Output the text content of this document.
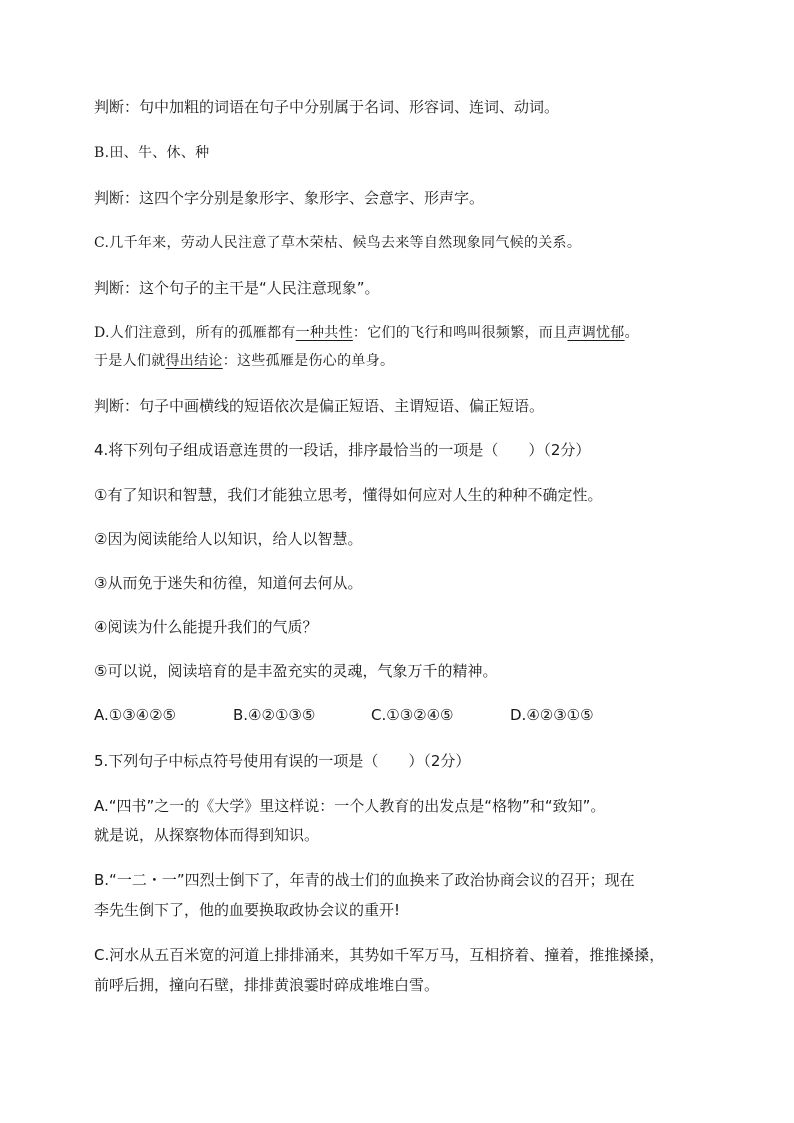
判断：句中加粗的词语在句子中分别属于名词、形容词、连词、动词。
B.田、牛、休、种
判断：这四个字分别是象形字、象形字、会意字、形声字。
C.几千年来，劳动人民注意了草木荣枯、候鸟去来等自然现象同气候的关系。
判断：这个句子的主干是“人民注意现象”。
D.人们注意到，所有的孤雁都有一种共性：它们的飞行和鸣叫很频繁，而且声调忧郁。
于是人们就得出结论：这些孤雁是伤心的单身。
判断：句子中画横线的短语依次是偏正短语、主谓短语、偏正短语。
4.将下列句子组成语意连贯的一段话，排序最恰当的一项是（　　）（2分）
①有了知识和智慧，我们才能独立思考，懂得如何应对人生的种种不确定性。
②因为阅读能给人以知识，给人以智慧。
③从而免于迷失和彷徨，知道何去何从。
④阅读为什么能提升我们的气质？
⑤可以说，阅读培育的是丰盈充实的灵魂，气象万千的精神。
A.①③④②⑤	B.④②①③⑤	C.①③②④⑤	D.④②③①⑤
5.下列句子中标点符号使用有误的一项是（　　）（2分）
A.“四书”之一的《大学》里这样说：一个人教育的出发点是“格物”和“致知”。
就是说，从探察物体而得到知识。
B.“一二・一”四烈士倒下了，年青的战士们的血换来了政治协商会议的召开；现在
李先生倒下了，他的血要换取政协会议的重开!
C.河水从五百米宽的河道上排排涌来，其势如千军万马，互相挤着、撞着，推推搡搡，
前呼后拥，撞向石壁，排排黄浪霎时碎成堆堆白雪。
